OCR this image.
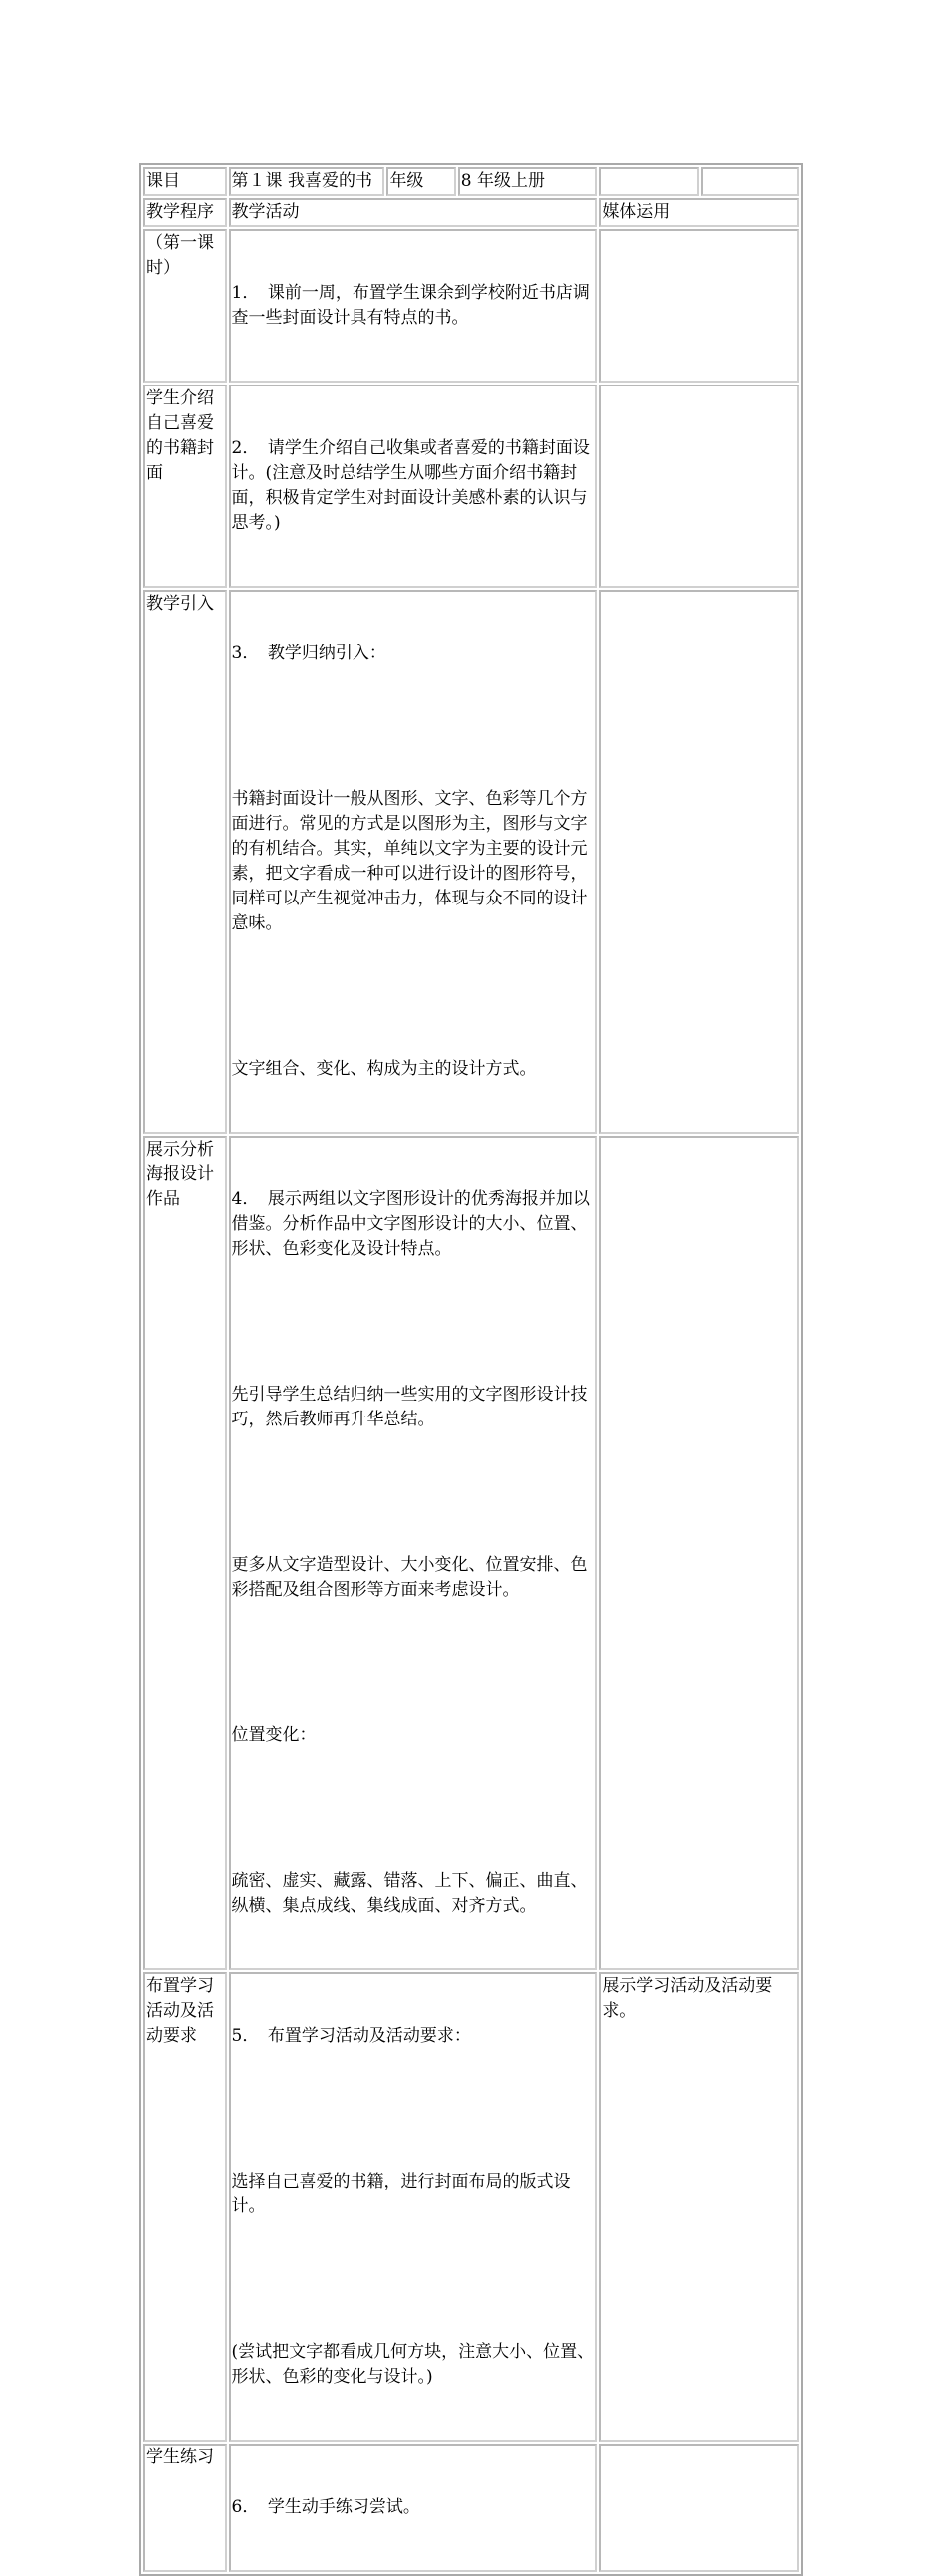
课目	第１课 我喜爱的书	年级	8 年级上册		
教学程序	教学活动			媒体运用	
（第一课时）	1．　课前一周，布置学生课余到学校附近书店调查一些封面设计具有特点的书。				

学生介绍自己喜爱的书籍封面	2．　请学生介绍自己收集或者喜爱的书籍封面设计。(注意及时总结学生从哪些方面介绍书籍封面，积极肯定学生对封面设计美感朴素的认识与思考。)				

教学引入	3．　教学归纳引入：

书籍封面设计一般从图形、文字、色彩等几个方面进行。常见的方式是以图形为主，图形与文字的有机结合。其实，单纯以文字为主要的设计元素，把文字看成一种可以进行设计的图形符号，同样可以产生视觉冲击力，体现与众不同的设计意味。

文字组合、变化、构成为主的设计方式。				

展示分析海报设计作品	4．　展示两组以文字图形设计的优秀海报并加以借鉴。分析作品中文字图形设计的大小、位置、形状、色彩变化及设计特点。

先引导学生总结归纳一些实用的文字图形设计技巧，然后教师再升华总结。

更多从文字造型设计、大小变化、位置安排、色彩搭配及组合图形等方面来考虑设计。

位置变化：

疏密、虚实、藏露、错落、上下、偏正、曲直、纵横、集点成线、集线成面、对齐方式。				

布置学习活动及活动要求	5．　布置学习活动及活动要求：

选择自己喜爱的书籍，进行封面布局的版式设计。

(尝试把文字都看成几何方块，注意大小、位置、形状、色彩的变化与设计。)			展示学习活动及活动要求。	
学生练习	6．　学生动手练习尝试。				
